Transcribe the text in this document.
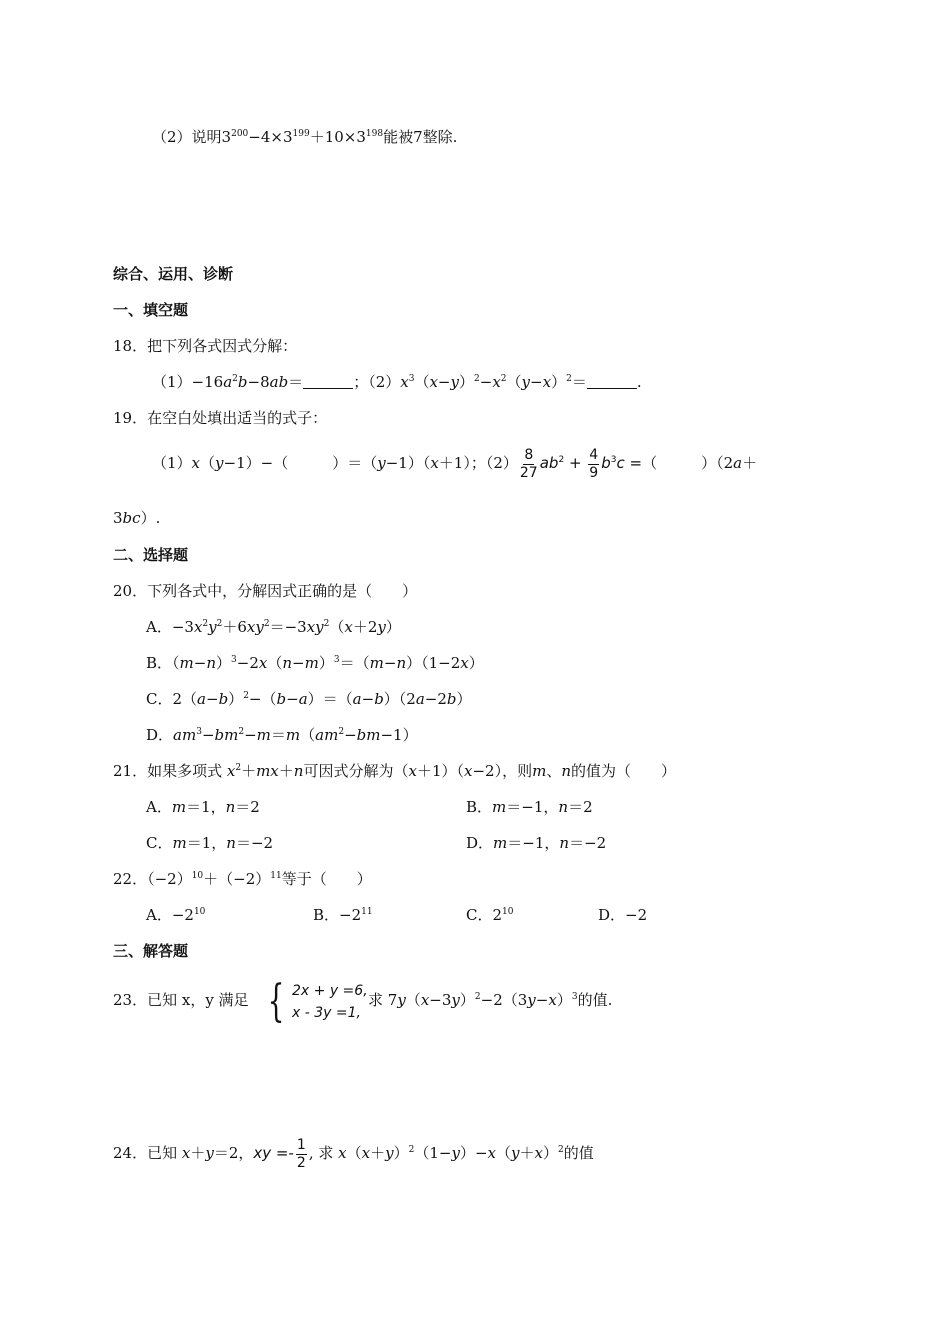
（2）说明$3^{200}-4\times 3^{199}+10\times 3^{198}$能被7整除.
综合、运用、诊断
一、填空题
18．把下列各式因式分解：
$(1)-16a^2b-8ab=$	；$(2)x^3(x-y)^2-x^2(y-x)^2=$	.
19．在空白处填出适当的式子：
（1）x（y−1）−（	）＝（y−1）（x＋1）；$(2) \frac{8}{27} ab^2 + \frac{4}{9} b^3c$ =（	）（2a＋
3bc）.
二、选择题
20．下列各式中，分解因式正确的是（　　）
A．$-3x^2y^2+6xy^2=-3xy^2(x+2y)$
B．$(m-n)^3-2x(n-m)^3=(m-n)(1-2x)$
C．$2(a-b)^2-(b-a)=(a-b)(2a-2b)$
D．$am^3-bm^2-m=m(am^2-bm-1)$
21．如果多项式 $x^2+mx+n$可因式分解为（x＋1）（x−2），则m、n的值为（　　）
A．m＝1，n＝2	B．m＝−1，n＝2
C．m＝1，n＝−2	D．m＝−1，n＝−2
22．$(-2)^{10}+(-2)^{11}$等于（　　）
A．$-2^{10}$	B．$-2^{11}$	C．$2^{10}$	D．−2
三、解答题
23．已知 x，y 满足 { 2x + y =6,
x - 3y =1,
求 $7y(x-3y)^2-2(3y-x)^3$的值.
24．已知 x＋y＝2，xy =- $\frac{1}{2}$ , 求 $x(x+y)^2(1-y)-x(y+x)^2$的值
